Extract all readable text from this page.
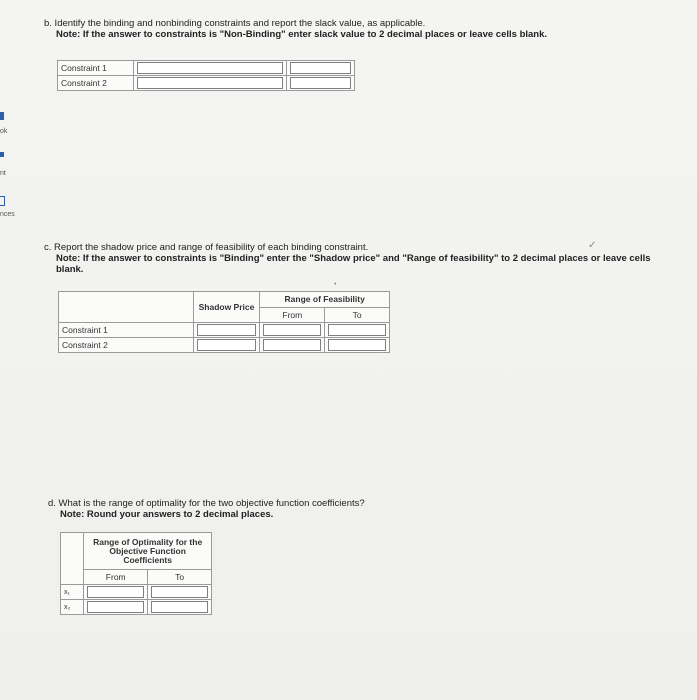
ok
nt
nces
b. Identify the binding and nonbinding constraints and report the slack value, as applicable.
Note: If the answer to constraints is "Non-Binding" enter slack value to 2 decimal places or leave cells blank.
Constraint 1	

Constraint 2	

c. Report the shadow price and range of feasibility of each binding constraint.
Note: If the answer to constraints is "Binding" enter the "Shadow price" and "Range of feasibility" to 2 decimal places or leave cells blank.
✓
•
	Shadow Price	Range of Feasibility	
		From	To
Constraint 1	

Constraint 2	

d. What is the range of optimality for the two objective function coefficients?
Note: Round your answers to 2 decimal places.
	Range of Optimality for the Objective Function Coefficients	
	From	To
x₁	

x₂	
